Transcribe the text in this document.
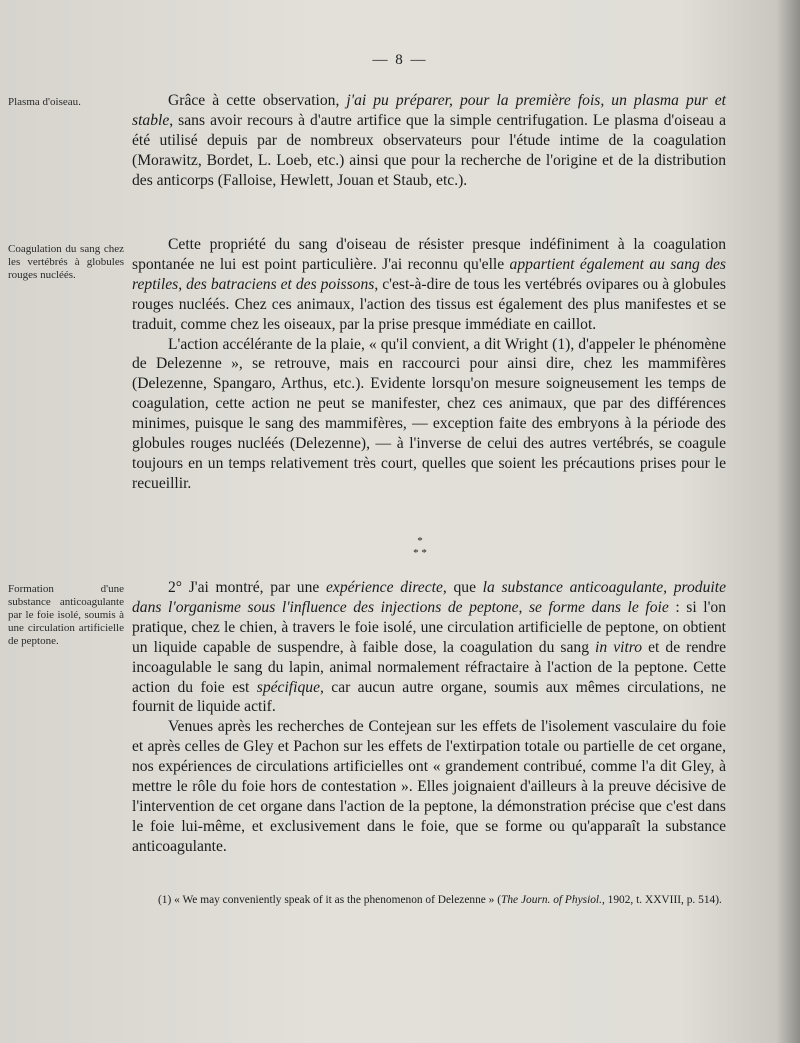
— 8 —
Plasma d'oiseau.
Coagulation du sang chez les vertébrés à globules rouges nucléés.
Formation d'une substance anticoagulante par le foie isolé, soumis à une circulation artificielle de peptone.

Grâce à cette observation, j'ai pu préparer, pour la première fois, un plasma pur et stable, sans avoir recours à d'autre artifice que la simple centrifugation. Le plasma d'oiseau a été utilisé depuis par de nombreux observateurs pour l'étude intime de la coagulation (Morawitz, Bordet, L. Loeb, etc.) ainsi que pour la recherche de l'origine et de la distribution des anticorps (Falloise, Hewlett, Jouan et Staub, etc.).

Cette propriété du sang d'oiseau de résister presque indéfiniment à la coagulation spontanée ne lui est point particulière. J'ai reconnu qu'elle appartient également au sang des reptiles, des batraciens et des poissons, c'est-à-dire de tous les vertébrés ovipares ou à globules rouges nucléés. Chez ces animaux, l'action des tissus est également des plus manifestes et se traduit, comme chez les oiseaux, par la prise presque immédiate en caillot.

L'action accélérante de la plaie, « qu'il convient, a dit Wright (1), d'appeler le phénomène de Delezenne », se retrouve, mais en raccourci pour ainsi dire, chez les mammifères (Delezenne, Spangaro, Arthus, etc.). Evidente lorsqu'on mesure soigneusement les temps de coagulation, cette action ne peut se manifester, chez ces animaux, que par des différences minimes, puisque le sang des mammifères, — exception faite des embryons à la période des globules rouges nucléés (Delezenne), — à l'inverse de celui des autres vertébrés, se coagule toujours en un temps relativement très court, quelles que soient les précautions prises pour le recueillir.

*
* *

2° J'ai montré, par une expérience directe, que la substance anticoagulante, produite dans l'organisme sous l'influence des injections de peptone, se forme dans le foie : si l'on pratique, chez le chien, à travers le foie isolé, une circulation artificielle de peptone, on obtient un liquide capable de suspendre, à faible dose, la coagulation du sang in vitro et de rendre incoagulable le sang du lapin, animal normalement réfractaire à l'action de la peptone. Cette action du foie est spécifique, car aucun autre organe, soumis aux mêmes circulations, ne fournit de liquide actif.

Venues après les recherches de Contejean sur les effets de l'isolement vasculaire du foie et après celles de Gley et Pachon sur les effets de l'extirpation totale ou partielle de cet organe, nos expériences de circulations artificielles ont « grandement contribué, comme l'a dit Gley, à mettre le rôle du foie hors de contestation ». Elles joignaient d'ailleurs à la preuve décisive de l'intervention de cet organe dans l'action de la peptone, la démonstration précise que c'est dans le foie lui-même, et exclusivement dans le foie, que se forme ou qu'apparaît la substance anticoagulante.

(1) « We may conveniently speak of it as the phenomenon of Delezenne » (The Journ. of Physiol., 1902, t. XXVIII, p. 514).
